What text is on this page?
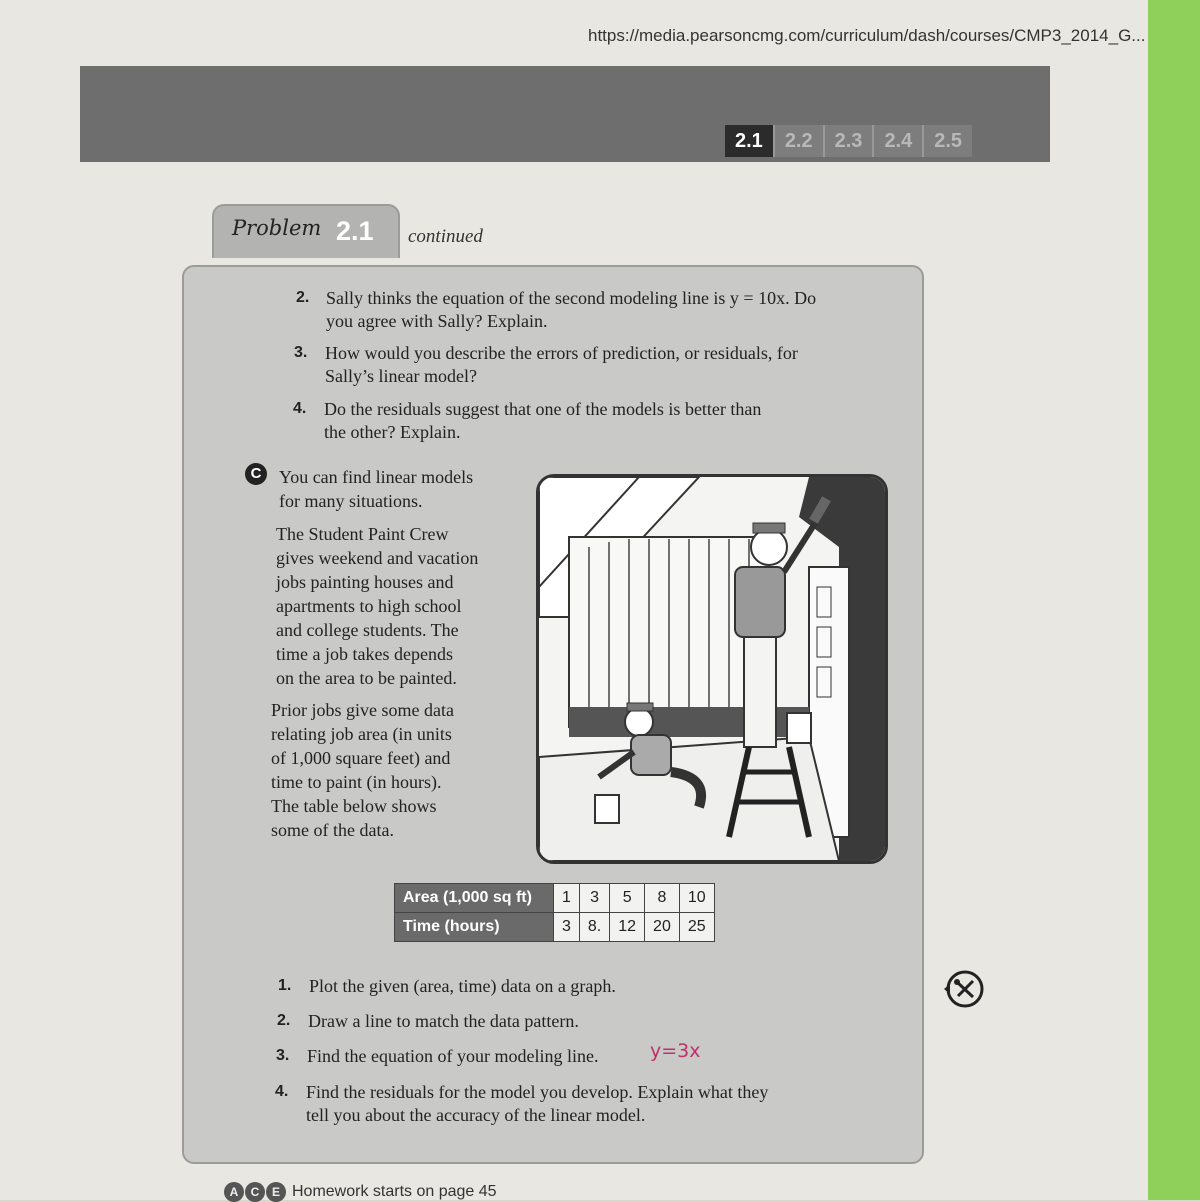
https://media.pearsoncmg.com/curriculum/dash/courses/CMP3_2014_G...
2.1	2.2	2.3	2.4	2.5
Problem 2.1 continued
2. Sally thinks the equation of the second modeling line is y = 10x. Do
you agree with Sally? Explain.
3. How would you describe the errors of prediction, or residuals, for
Sally’s linear model?
4. Do the residuals suggest that one of the models is better than
the other? Explain.
C You can find linear models
for many situations.
The Student Paint Crew
gives weekend and vacation
jobs painting houses and
apartments to high school
and college students. The
time a job takes depends
on the area to be painted.
Prior jobs give some data
relating job area (in units
of 1,000 square feet) and
time to paint (in hours).
The table below shows
some of the data.
Area (1,000 sq ft)	1	3	5	8	10
Time (hours)	3	8.	12	20	25
1. Plot the given (area, time) data on a graph.
2. Draw a line to match the data pattern.
3. Find the equation of your modeling line.	y=3x
4. Find the residuals for the model you develop. Explain what they
tell you about the accuracy of the linear model.
A	C	E Homework starts on page 45
